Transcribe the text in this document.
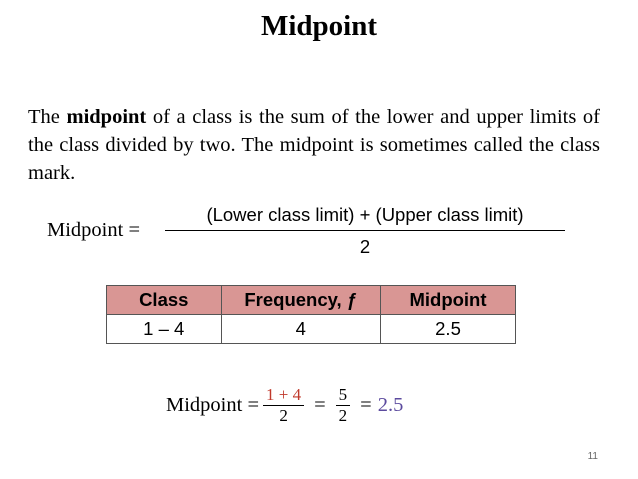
Midpoint
The midpoint of a class is the sum of the lower and upper limits of the class divided by two. The midpoint is sometimes called the class mark.
Midpoint =
(Lower class limit) + (Upper class limit)
2
Class	Frequency, ƒ	Midpoint
1 – 4	4	2.5
Midpoint = $\frac{1 + 4}{2} = \frac{5}{2} = 2.5$
11
